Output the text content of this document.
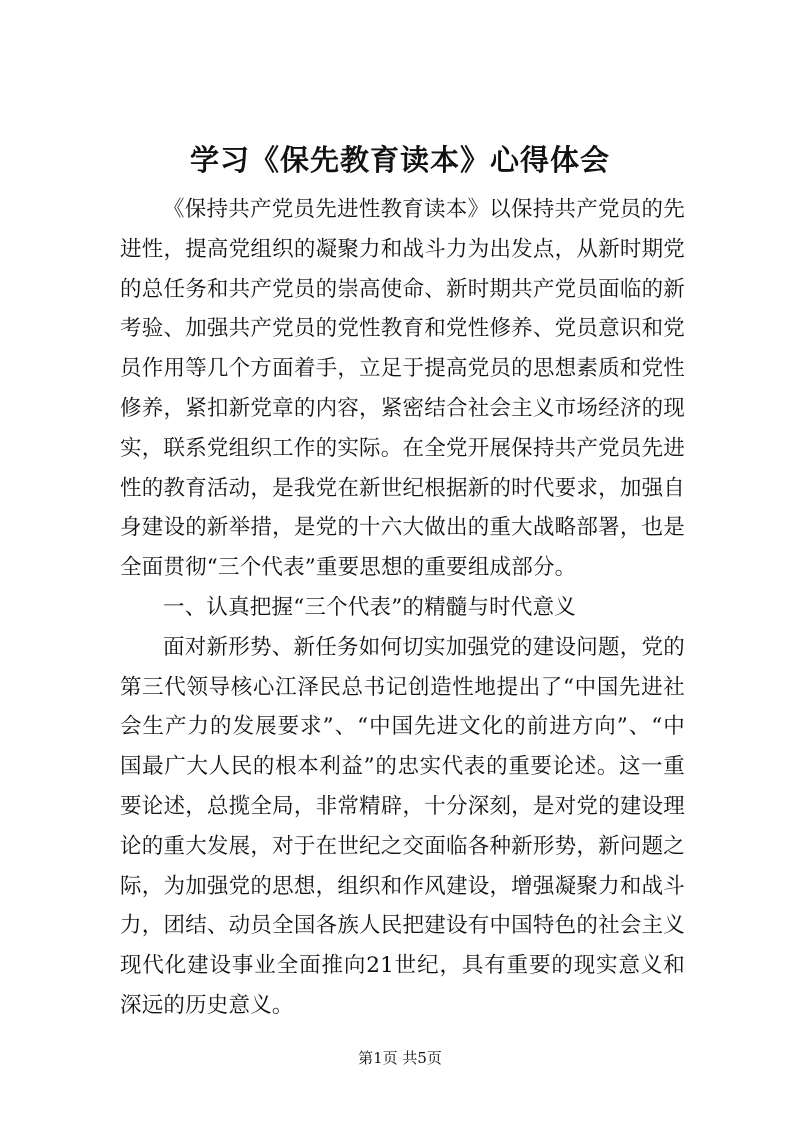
学习《保先教育读本》心得体会

《保持共产党员先进性教育读本》以保持共产党员的先进性，提高党组织的凝聚力和战斗力为出发点，从新时期党的总任务和共产党员的崇高使命、新时期共产党员面临的新考验、加强共产党员的党性教育和党性修养、党员意识和党员作用等几个方面着手，立足于提高党员的思想素质和党性修养，紧扣新党章的内容，紧密结合社会主义市场经济的现实，联系党组织工作的实际。在全党开展保持共产党员先进性的教育活动，是我党在新世纪根据新的时代要求，加强自身建设的新举措，是党的十六大做出的重大战略部署，也是全面贯彻“三个代表”重要思想的重要组成部分。

一、认真把握“三个代表”的精髓与时代意义

面对新形势、新任务如何切实加强党的建设问题，党的第三代领导核心江泽民总书记创造性地提出了“中国先进社会生产力的发展要求”、“中国先进文化的前进方向”、“中国最广大人民的根本利益”的忠实代表的重要论述。这一重要论述，总揽全局，非常精辟，十分深刻，是对党的建设理论的重大发展，对于在世纪之交面临各种新形势，新问题之际，为加强党的思想，组织和作风建设，增强凝聚力和战斗力，团结、动员全国各族人民把建设有中国特色的社会主义现代化建设事业全面推向21世纪，具有重要的现实意义和深远的历史意义。

第1页 共5页
